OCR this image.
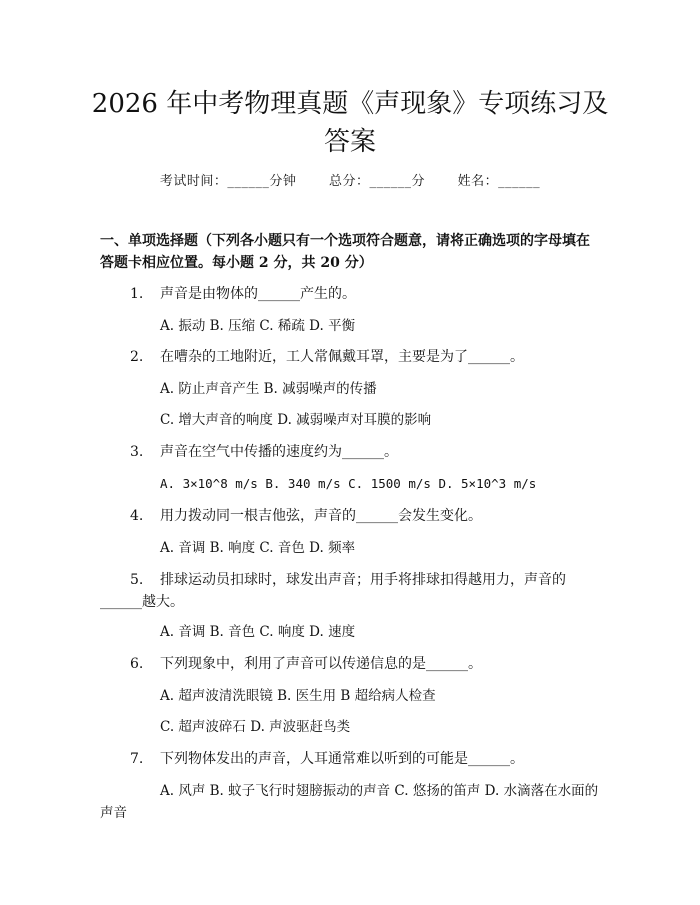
2026 年中考物理真题《声现象》专项练习及答案
考试时间：______分钟	总分：______分	姓名：______
一、单项选择题（下列各小题只有一个选项符合题意，请将正确选项的字母填在答题卡相应位置。每小题 2 分，共 20 分）
1. 声音是由物体的______产生的。
A. 振动 B. 压缩 C. 稀疏 D. 平衡
2. 在嘈杂的工地附近，工人常佩戴耳罩，主要是为了______。
A. 防止声音产生 B. 减弱噪声的传播
C. 增大声音的响度 D. 减弱噪声对耳膜的影响
3. 声音在空气中传播的速度约为______。
A. 3×10^8 m/s B. 340 m/s C. 1500 m/s D. 5×10^3 m/s
4. 用力拨动同一根吉他弦，声音的______会发生变化。
A. 音调 B. 响度 C. 音色 D. 频率
5. 排球运动员扣球时，球发出声音；用手将排球扣得越用力，声音的______越大。
A. 音调 B. 音色 C. 响度 D. 速度
6. 下列现象中，利用了声音可以传递信息的是______。
A. 超声波清洗眼镜 B. 医生用 B 超给病人检查
C. 超声波碎石 D. 声波驱赶鸟类
7. 下列物体发出的声音，人耳通常难以听到的可能是______。
A. 风声 B. 蚊子飞行时翅膀振动的声音 C. 悠扬的笛声 D. 水滴落在水面的声音
